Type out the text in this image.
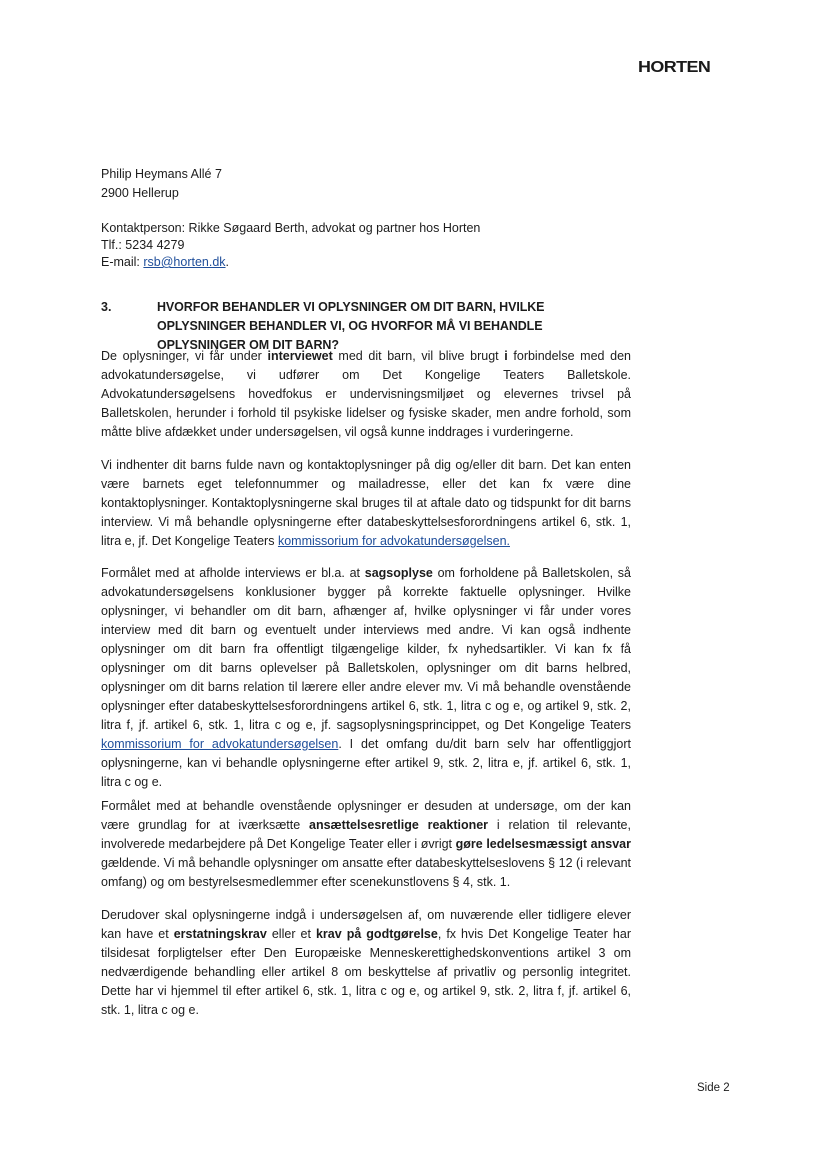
HORTEN
Philip Heymans Allé 7
2900 Hellerup
Kontaktperson: Rikke Søgaard Berth, advokat og partner hos Horten
Tlf.: 5234 4279
E-mail: rsb@horten.dk.
3.	HVORFOR BEHANDLER VI OPLYSNINGER OM DIT BARN, HVILKE OPLYSNINGER BEHANDLER VI, OG HVORFOR MÅ VI BEHANDLE OPLYSNINGER OM DIT BARN?
De oplysninger, vi får under interviewet med dit barn, vil blive brugt i forbindelse med den advokatundersøgelse, vi udfører om Det Kongelige Teaters Balletskole. Advokatundersøgelsens hovedfokus er undervisningsmiljøet og elevernes trivsel på Balletskolen, herunder i forhold til psykiske lidelser og fysiske skader, men andre forhold, som måtte blive afdækket under undersøgelsen, vil også kunne inddrages i vurderingerne.
Vi indhenter dit barns fulde navn og kontaktoplysninger på dig og/eller dit barn. Det kan enten være barnets eget telefonnummer og mailadresse, eller det kan fx være dine kontaktoplysninger. Kontaktoplysningerne skal bruges til at aftale dato og tidspunkt for dit barns interview. Vi må behandle oplysningerne efter databeskyttelsesforordningens artikel 6, stk. 1, litra e, jf. Det Kongelige Teaters kommissorium for advokatundersøgelsen.
Formålet med at afholde interviews er bl.a. at sagsoplyse om forholdene på Balletskolen, så advokatundersøgelsens konklusioner bygger på korrekte faktuelle oplysninger. Hvilke oplysninger, vi behandler om dit barn, afhænger af, hvilke oplysninger vi får under vores interview med dit barn og eventuelt under interviews med andre. Vi kan også indhente oplysninger om dit barn fra offentligt tilgængelige kilder, fx nyhedsartikler. Vi kan fx få oplysninger om dit barns oplevelser på Balletskolen, oplysninger om dit barns helbred, oplysninger om dit barns relation til lærere eller andre elever mv. Vi må behandle ovenstående oplysninger efter databeskyttelsesforordningens artikel 6, stk. 1, litra c og e, og artikel 9, stk. 2, litra f, jf. artikel 6, stk. 1, litra c og e, jf. sagsoplysningsprincippet, og Det Kongelige Teaters kommissorium for advokatundersøgelsen. I det omfang du/dit barn selv har offentliggjort oplysningerne, kan vi behandle oplysningerne efter artikel 9, stk. 2, litra e, jf. artikel 6, stk. 1, litra c og e.
Formålet med at behandle ovenstående oplysninger er desuden at undersøge, om der kan være grundlag for at iværksætte ansættelsesretlige reaktioner i relation til relevante, involverede medarbejdere på Det Kongelige Teater eller i øvrigt gøre ledelsesmæssigt ansvar gældende. Vi må behandle oplysninger om ansatte efter databeskyttelseslovens § 12 (i relevant omfang) og om bestyrelsesmedlemmer efter scenekunstlovens § 4, stk. 1.
Derudover skal oplysningerne indgå i undersøgelsen af, om nuværende eller tidligere elever kan have et erstatningskrav eller et krav på godtgørelse, fx hvis Det Kongelige Teater har tilsidesat forpligtelser efter Den Europæiske Menneskerettighedskonventions artikel 3 om nedværdigende behandling eller artikel 8 om beskyttelse af privatliv og personlig integritet. Dette har vi hjemmel til efter artikel 6, stk. 1, litra c og e, og artikel 9, stk. 2, litra f, jf. artikel 6, stk. 1, litra c og e.
Side 2
